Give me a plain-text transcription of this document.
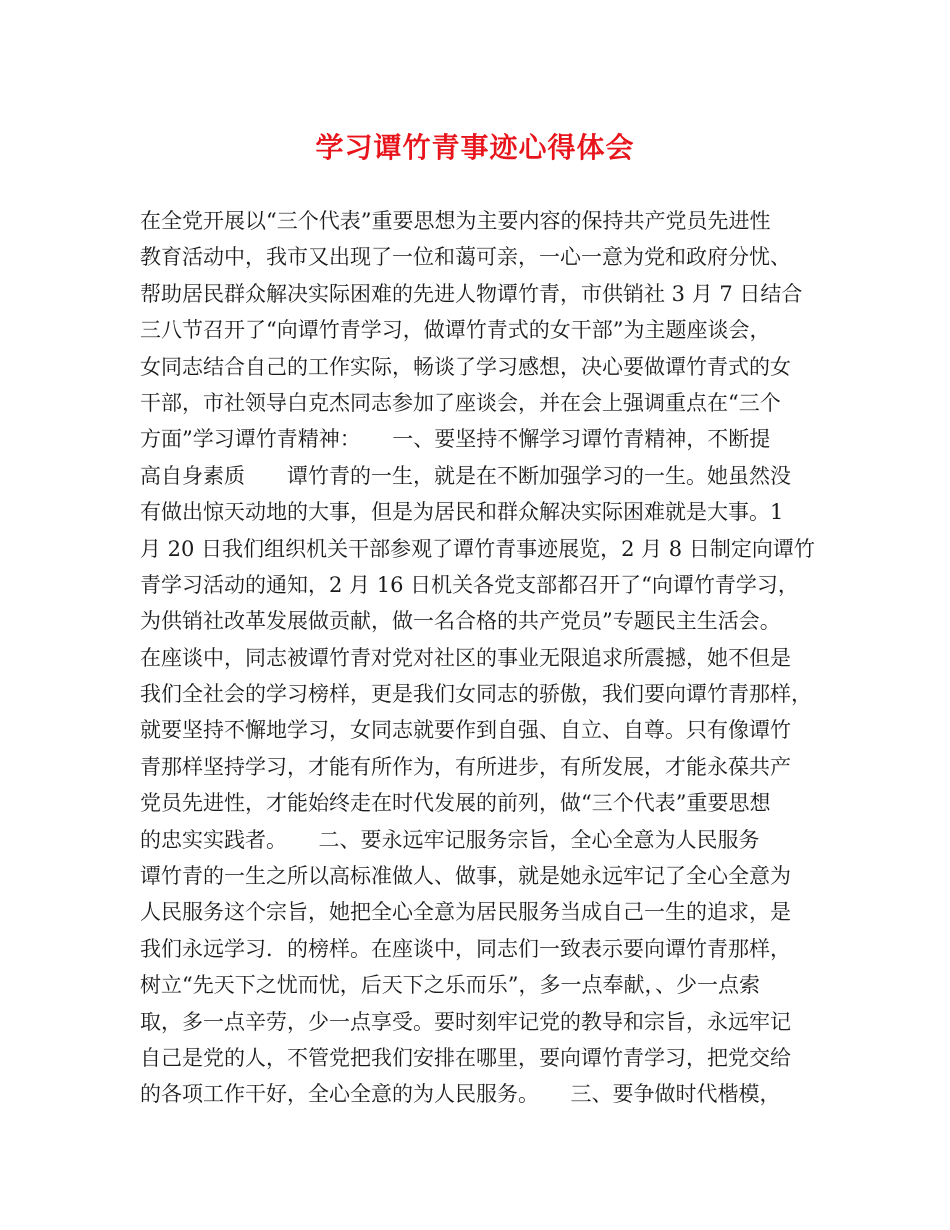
学习谭竹青事迹心得体会
在全党开展以“三个代表”重要思想为主要内容的保持共产党员先进性
教育活动中，我市又出现了一位和蔼可亲，一心一意为党和政府分忧、
帮助居民群众解决实际困难的先进人物谭竹青，市供销社 3 月 7 日结合
三八节召开了“向谭竹青学习，做谭竹青式的女干部”为主题座谈会，
女同志结合自己的工作实际，畅谈了学习感想，决心要做谭竹青式的女
干部，市社领导白克杰同志参加了座谈会，并在会上强调重点在“三个
方面”学习谭竹青精神：　　一、要坚持不懈学习谭竹青精神，不断提
高自身素质　　谭竹青的一生，就是在不断加强学习的一生。她虽然没
有做出惊天动地的大事，但是为居民和群众解决实际困难就是大事。1
月 20 日我们组织机关干部参观了谭竹青事迹展览，2 月 8 日制定向谭竹
青学习活动的通知，2 月 16 日机关各党支部都召开了“向谭竹青学习，
为供销社改革发展做贡献，做一名合格的共产党员”专题民主生活会。
在座谈中，同志被谭竹青对党对社区的事业无限追求所震撼，她不但是
我们全社会的学习榜样，更是我们女同志的骄傲，我们要向谭竹青那样，
就要坚持不懈地学习，女同志就要作到自强、自立、自尊。只有像谭竹
青那样坚持学习，才能有所作为，有所进步，有所发展，才能永葆共产
党员先进性，才能始终走在时代发展的前列，做“三个代表”重要思想
的忠实实践者。　　二、要永远牢记服务宗旨，全心全意为人民服务　
谭竹青的一生之所以高标准做人、做事，就是她永远牢记了全心全意为
人民服务这个宗旨，她把全心全意为居民服务当成自己一生的追求，是
我们永远学习．的榜样。在座谈中，同志们一致表示要向谭竹青那样，
树立“先天下之忧而忧，后天下之乐而乐”，多一点奉献，、少一点索
取，多一点辛劳，少一点享受。要时刻牢记党的教导和宗旨，永远牢记
自己是党的人，不管党把我们安排在哪里，要向谭竹青学习，把党交给
的各项工作干好，全心全意的为人民服务。　　三、要争做时代楷模，
